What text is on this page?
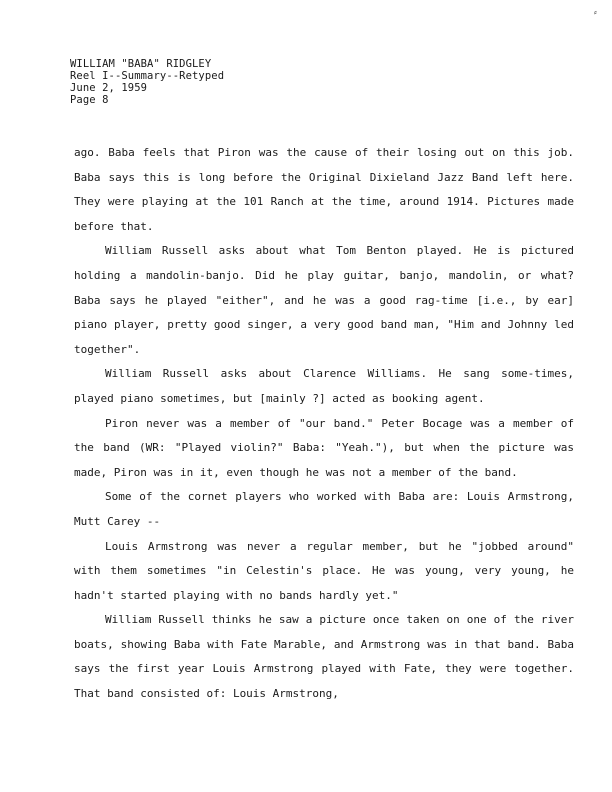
⸗
WILLIAM "BABA" RIDGLEY
Reel I--Summary--Retyped
June 2, 1959
Page 8

ago. Baba feels that Piron was the cause of their losing out on this job. Baba says this is long before the Original Dixieland Jazz Band left here. They were playing at the 101 Ranch at the time, around 1914. Pictures made before that.

William Russell asks about what Tom Benton played. He is pictured holding a mandolin-banjo. Did he play guitar, banjo, mandolin, or what? Baba says he played "either", and he was a good rag-time [i.e., by ear] piano player, pretty good singer, a very good band man, "Him and Johnny led together".

William Russell asks about Clarence Williams. He sang some-times, played piano sometimes, but [mainly ?] acted as booking agent.

Piron never was a member of "our band." Peter Bocage was a member of the band (WR: "Played violin?" Baba: "Yeah."), but when the picture was made, Piron was in it, even though he was not a member of the band.

Some of the cornet players who worked with Baba are: Louis Armstrong, Mutt Carey --

Louis Armstrong was never a regular member, but he "jobbed around" with them sometimes "in Celestin's place. He was young, very young, he hadn't started playing with no bands hardly yet."

William Russell thinks he saw a picture once taken on one of the river boats, showing Baba with Fate Marable, and Armstrong was in that band. Baba says the first year Louis Armstrong played with Fate, they were together. That band consisted of: Louis Armstrong,
